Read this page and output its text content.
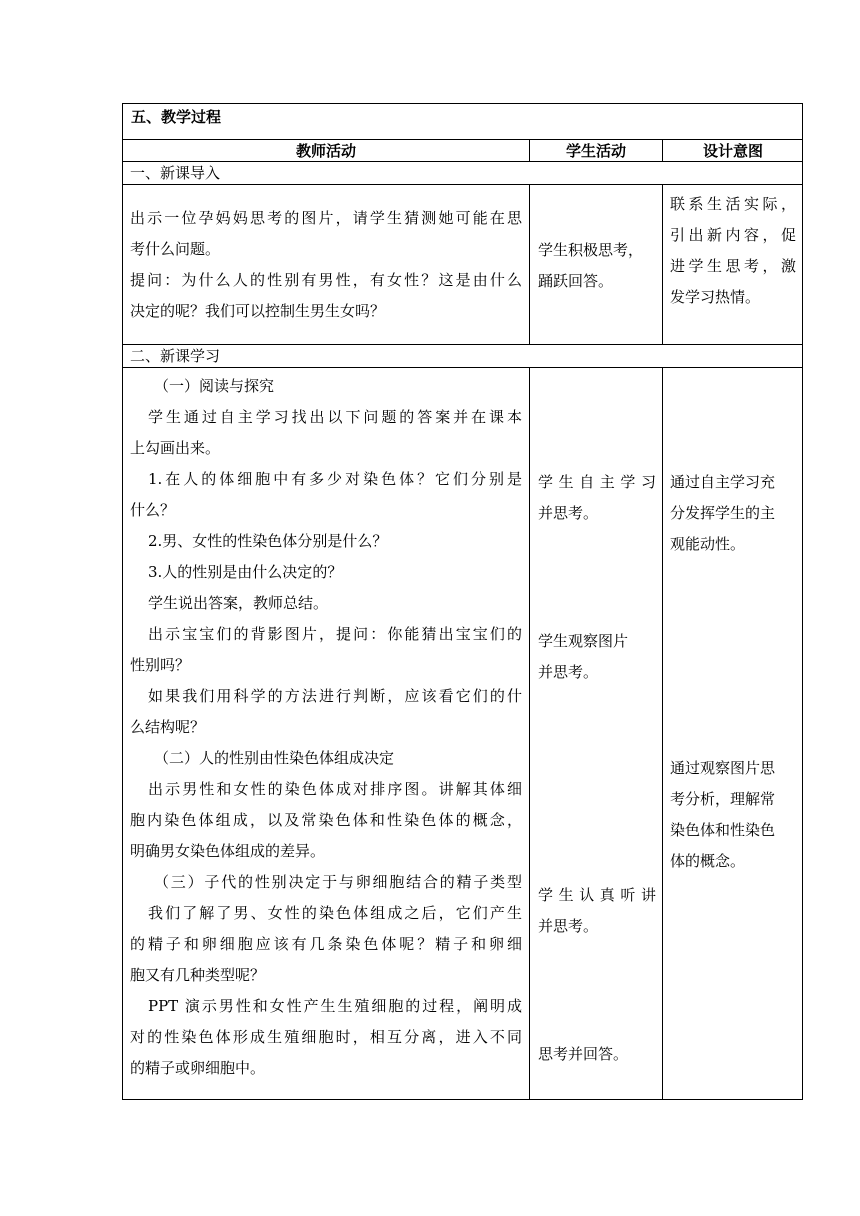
五、教学过程
教师活动	学生活动	设计意图
一、新课导入
出示一位孕妈妈思考的图片，请学生猜测她可能在思
考什么问题。
提问：为什么人的性别有男性，有女性？这是由什么
决定的呢？我们可以控制生男生女吗？
学生积极思考，
踊跃回答。
联系生活实际，
引出新内容，促
进学生思考，激
发学习热情。
二、新课学习
（一）阅读与探究
学生通过自主学习找出以下问题的答案并在课本
上勾画出来。
1.在人的体细胞中有多少对染色体？它们分别是
什么？
2.男、女性的性染色体分别是什么？
3.人的性别是由什么决定的？
学生说出答案，教师总结。
出示宝宝们的背影图片，提问：你能猜出宝宝们的
性别吗？
如果我们用科学的方法进行判断，应该看它们的什
么结构呢？
（二）人的性别由性染色体组成决定
出示男性和女性的染色体成对排序图。讲解其体细
胞内染色体组成，以及常染色体和性染色体的概念，
明确男女染色体组成的差异。
（三）子代的性别决定于与卵细胞结合的精子类型
我们了解了男、女性的染色体组成之后，它们产生
的精子和卵细胞应该有几条染色体呢？精子和卵细
胞又有几种类型呢？
PPT 演示男性和女性产生生殖细胞的过程，阐明成
对的性染色体形成生殖细胞时，相互分离，进入不同
的精子或卵细胞中。
学生自主学习
并思考。
学生观察图片
并思考。
学生认真听讲
并思考。
思考并回答。
通过自主学习充
分发挥学生的主
观能动性。
通过观察图片思
考分析，理解常
染色体和性染色
体的概念。
